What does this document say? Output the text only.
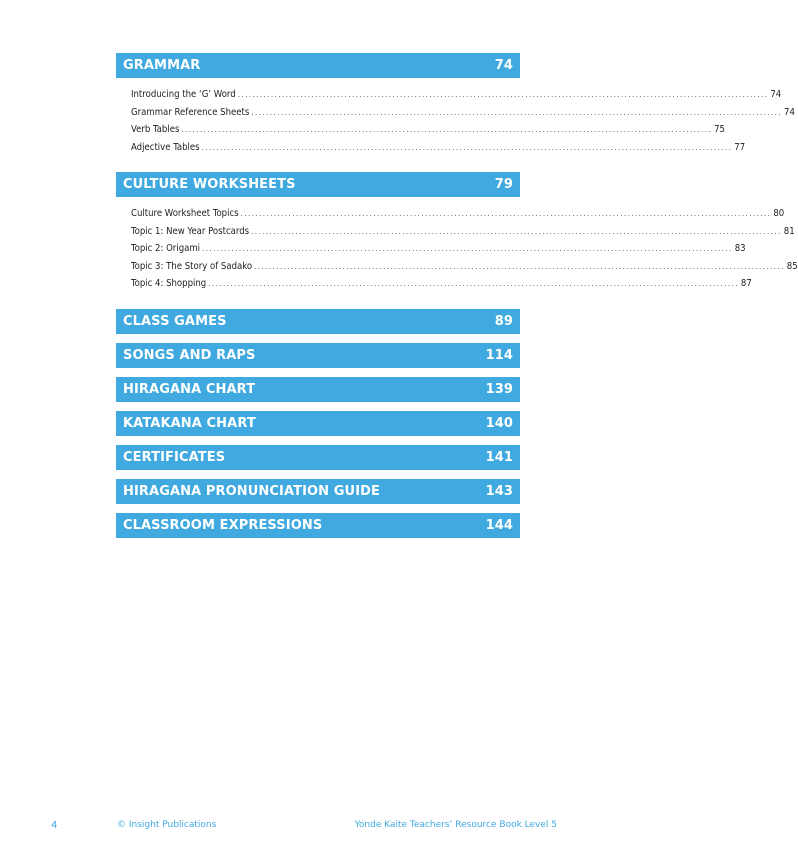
GRAMMAR	74
Introducing the ‘G’ Word ................................................................................................................................................ 74
Grammar Reference Sheets ................................................................................................................................................ 74
Verb Tables ................................................................................................................................................ 75
Adjective Tables ................................................................................................................................................ 77
CULTURE WORKSHEETS	79
Culture Worksheet Topics ................................................................................................................................................ 80
Topic 1: New Year Postcards ................................................................................................................................................ 81
Topic 2: Origami ................................................................................................................................................ 83
Topic 3: The Story of Sadako ................................................................................................................................................ 85
Topic 4: Shopping ................................................................................................................................................ 87
CLASS GAMES	89
SONGS AND RAPS	114
HIRAGANA CHART	139
KATAKANA CHART	140
CERTIFICATES	141
HIRAGANA PRONUNCIATION GUIDE	143
CLASSROOM EXPRESSIONS	144
4	© Insight Publications	Yonde Kaite Teachers’ Resource Book Level 5
